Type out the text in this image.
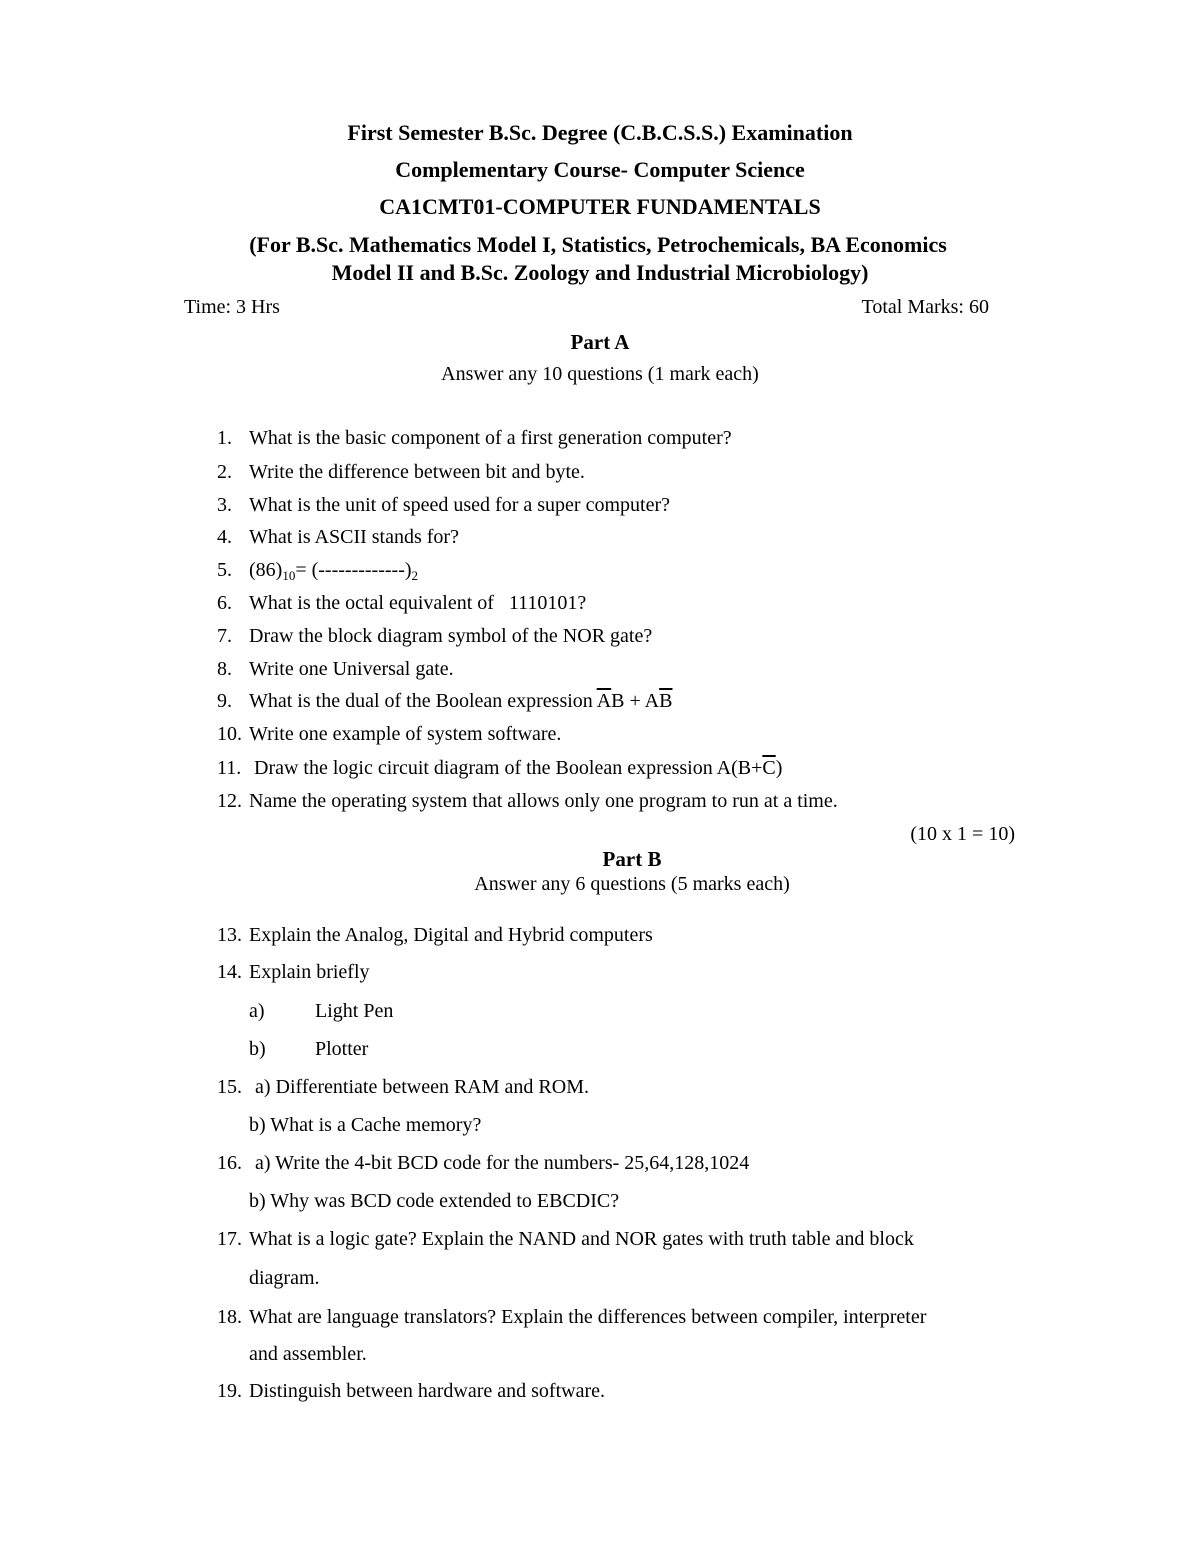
First Semester B.Sc. Degree (C.B.C.S.S.) Examination
Complementary Course- Computer Science
CA1CMT01-COMPUTER FUNDAMENTALS
(For B.Sc. Mathematics Model I, Statistics, Petrochemicals, BA Economics
Model II and B.Sc. Zoology and Industrial Microbiology)
Time: 3 Hrs	Total Marks: 60
Part A
Answer any 10 questions (1 mark each)
1. What is the basic component of a first generation computer?
2. Write the difference between bit and byte.
3. What is the unit of speed used for a super computer?
4. What is ASCII stands for?
5. $(86)_{10}= (-------------)_2$
6. What is the octal equivalent of   1110101?
7. Draw the block diagram symbol of the NOR gate?
8. Write one Universal gate.
9. What is the dual of the Boolean expression $\overline{A}B + A\overline{B}$
10. Write one example of system software.
11. Draw the logic circuit diagram of the Boolean expression $A(B+\overline{C})$
12. Name the operating system that allows only one program to run at a time.
(10 x 1 = 10)
Part B
Answer any 6 questions (5 marks each)
13. Explain the Analog, Digital and Hybrid computers
14. Explain briefly
a)	Light Pen
b) Plotter
15. a) Differentiate between RAM and ROM.
b) What is a Cache memory?
16. a) Write the 4-bit BCD code for the numbers- 25,64,128,1024
b) Why was BCD code extended to EBCDIC?
17. What is a logic gate? Explain the NAND and NOR gates with truth table and block
diagram.
18. What are language translators? Explain the differences between compiler, interpreter
and assembler.
19. Distinguish between hardware and software.
